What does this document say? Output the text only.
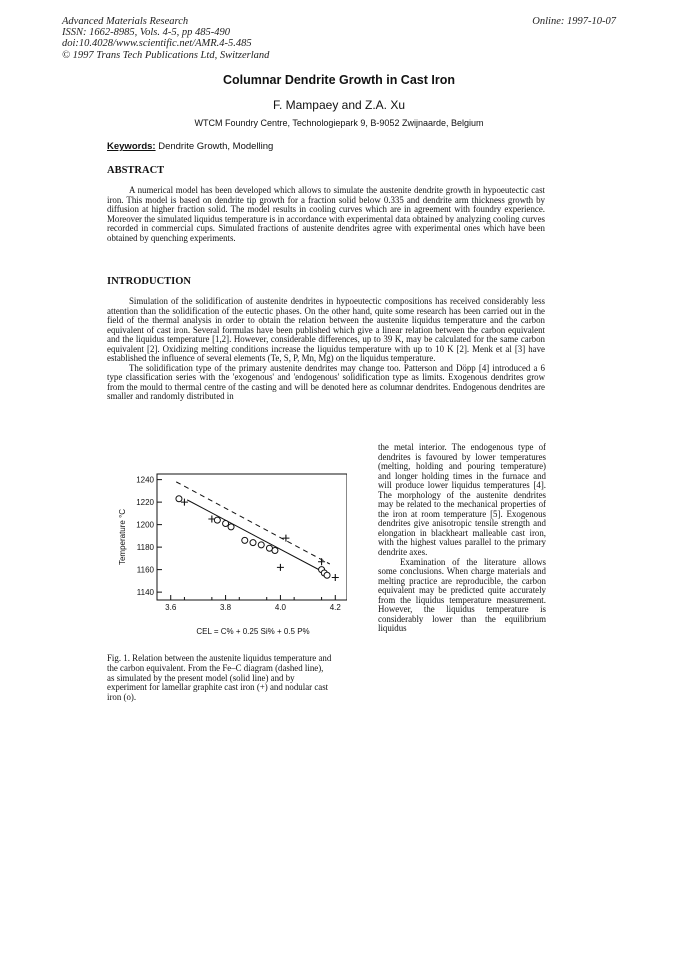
Advanced Materials Research
ISSN: 1662-8985, Vols. 4-5, pp 485-490
doi:10.4028/www.scientific.net/AMR.4-5.485
© 1997 Trans Tech Publications Ltd, Switzerland
Online: 1997-10-07
Columnar Dendrite Growth in Cast Iron
F. Mampaey and Z.A. Xu
WTCM Foundry Centre, Technologiepark 9, B-9052 Zwijnaarde, Belgium
Keywords: Dendrite Growth, Modelling
ABSTRACT

A numerical model has been developed which allows to simulate the austenite dendrite growth in hypoeutectic cast iron. This model is based on dendrite tip growth for a fraction solid below 0.335 and dendrite arm thickness growth by diffusion at higher fraction solid. The model results in cooling curves which are in agreement with foundry experience. Moreover the simulated liquidus temperature is in accordance with experimental data obtained by analyzing cooling curves recorded in commercial cups. Simulated fractions of austenite dendrites agree with experimental ones which have been obtained by quenching experiments.

INTRODUCTION

Simulation of the solidification of austenite dendrites in hypoeutectic compositions has received considerably less attention than the solidification of the eutectic phases. On the other hand, quite some research has been carried out in the field of the thermal analysis in order to obtain the relation between the austenite liquidus temperature and the carbon equivalent of cast iron. Several formulas have been published which give a linear relation between the carbon equivalent and the liquidus temperature [1,2]. However, considerable differences, up to 39 K, may be calculated for the same carbon equivalent [2]. Oxidizing melting conditions increase the liquidus temperature with up to 10 K [2]. Menk et al [3] have established the influence of several elements (Te, S, P, Mn, Mg) on the liquidus temperature.

The solidification type of the primary austenite dendrites may change too. Patterson and Döpp [4] introduced a 6 type classification series with the 'exogenous' and 'endogenous' solidification type as limits. Exogenous dendrites grow from the mould to thermal centre of the casting and will be denoted here as columnar dendrites. Endogenous dendrites are smaller and randomly distributed in

the metal interior. The endogenous type of dendrites is favoured by lower temperatures (melting, holding and pouring temperature) and longer holding times in the furnace and will produce lower liquidus temperatures [4]. The morphology of the austenite dendrites may be related to the mechanical properties of the iron at room temperature [5]. Exogenous dendrites give anisotropic tensile strength and elongation in blackheart malleable cast iron, with the highest values parallel to the primary dendrite axes.

Examination of the literature allows some conclusions. When charge materials and melting practice are reproducible, the carbon equivalent may be predicted quite accurately from the liquidus temperature measurement. However, the liquidus temperature is considerably lower than the equilibrium liquidus

1140
1160
1180
1200
1220
1240
3.6	3.8	4.0	4.2
CEL = C% + 0.25 Si% + 0.5 P%
Temperature °C
Fig. 1. Relation between the austenite liquidus temperature and the carbon equivalent. From the Fe–C diagram (dashed line), as simulated by the present model (solid line) and by experiment for lamellar graphite cast iron (+) and nodular cast iron (o).
